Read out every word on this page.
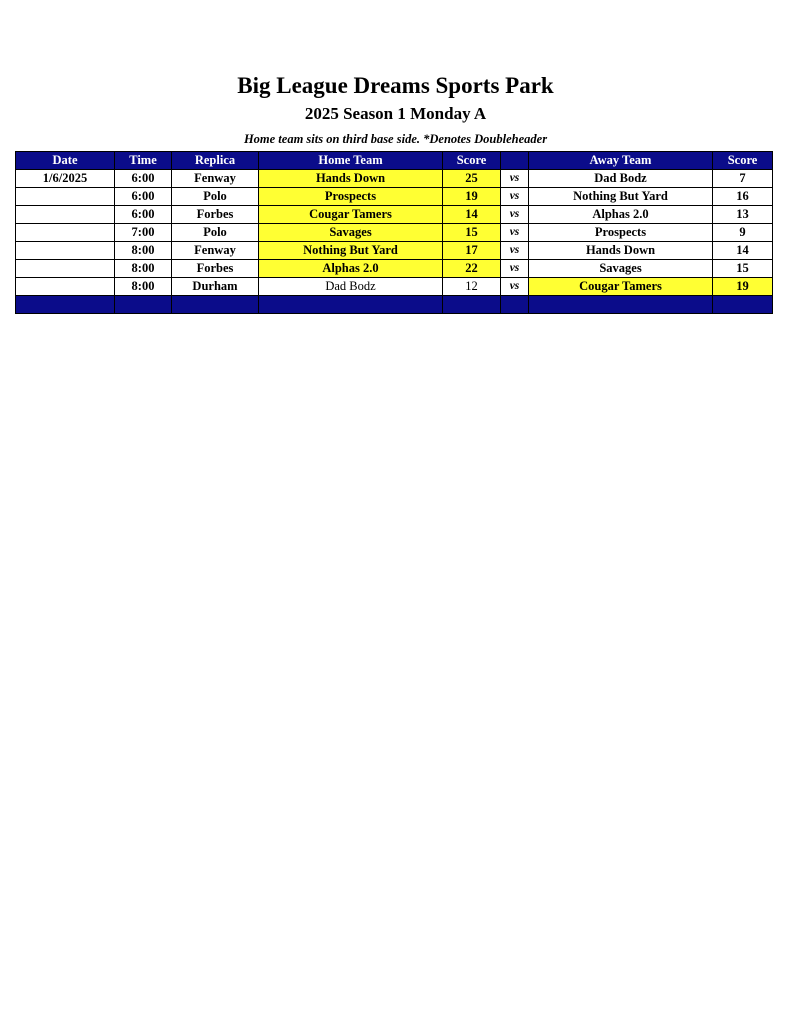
Big League Dreams Sports Park
2025 Season 1 Monday A
Home team sits on third base side. *Denotes Doubleheader
Date	Time	Replica	Home Team	Score		Away Team	Score
1/6/2025	6:00	Fenway	Hands Down	25	vs	Dad Bodz	7
	6:00	Polo	Prospects	19	vs	Nothing But Yard	16
	6:00	Forbes	Cougar Tamers	14	vs	Alphas 2.0	13
	7:00	Polo	Savages	15	vs	Prospects	9
	8:00	Fenway	Nothing But Yard	17	vs	Hands Down	14
	8:00	Forbes	Alphas 2.0	22	vs	Savages	15
	8:00	Durham	Dad Bodz	12	vs	Cougar Tamers	19
